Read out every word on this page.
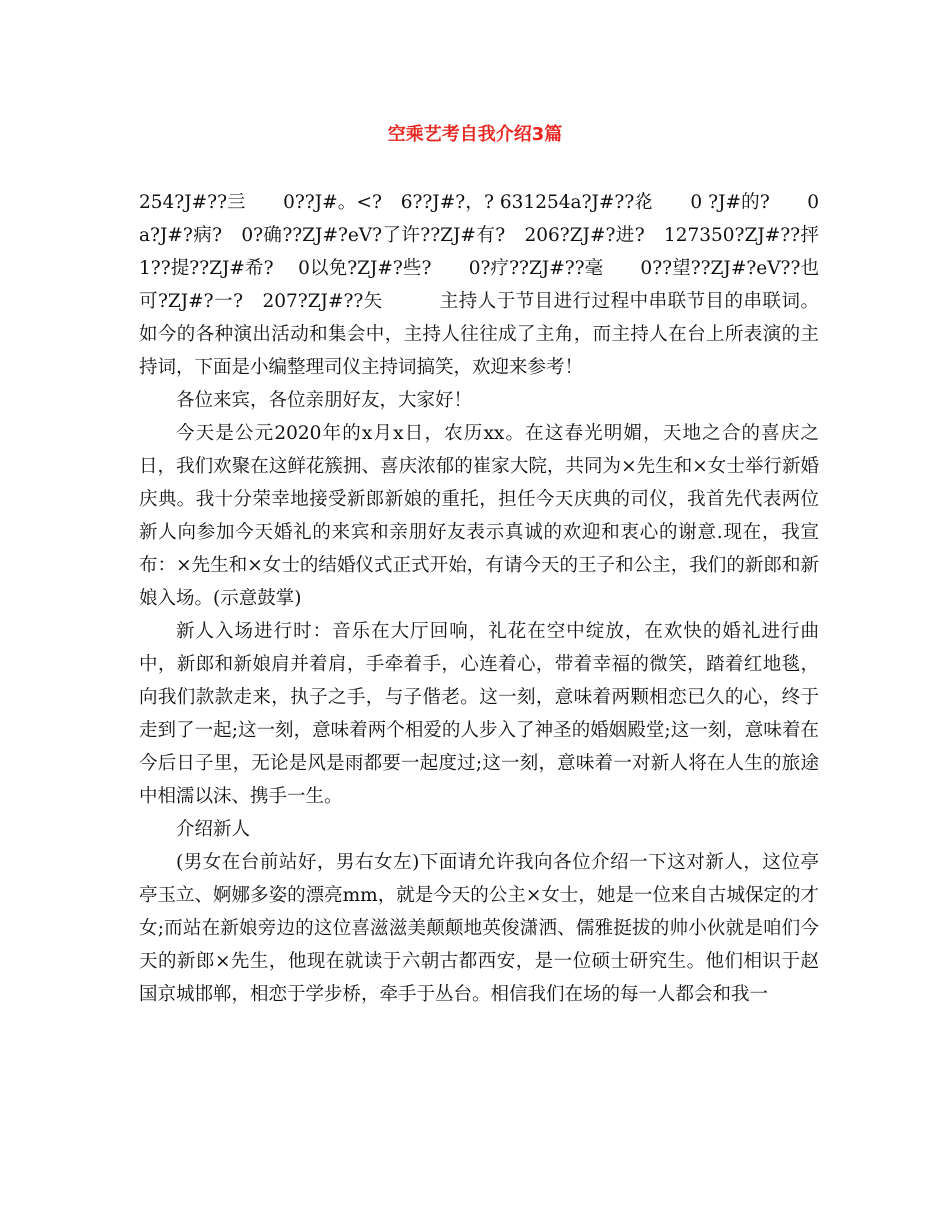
空乘艺考自我介绍3篇

254?J#??亖　　0??J#。<?　6??J#?，? 631254a?J#??炛　　0 ?J#的?　　0a?J#?病?　0?确??ZJ#?eV?了许??ZJ#有?　206?ZJ#?进?　127350?ZJ#??抨　　1??提??ZJ#希?　 0以免?ZJ#?些?　　0?疗??ZJ#??毫　　0??望??ZJ#?eV??也可?ZJ#?一?　207?ZJ#??矢　　　主持人于节目进行过程中串联节目的串联词。如今的各种演出活动和集会中，主持人往往成了主角，而主持人在台上所表演的主持词，下面是小编整理司仪主持词搞笑，欢迎来参考！

各位来宾，各位亲朋好友，大家好！

今天是公元2020年的x月x日，农历xx。在这春光明媚，天地之合的喜庆之日，我们欢聚在这鲜花簇拥、喜庆浓郁的崔家大院，共同为×先生和×女士举行新婚庆典。我十分荣幸地接受新郎新娘的重托，担任今天庆典的司仪，我首先代表两位新人向参加今天婚礼的来宾和亲朋好友表示真诚的欢迎和衷心的谢意.现在，我宣布：×先生和×女士的结婚仪式正式开始，有请今天的王子和公主，我们的新郎和新娘入场。(示意鼓掌)

新人入场进行时：音乐在大厅回响，礼花在空中绽放，在欢快的婚礼进行曲中，新郎和新娘肩并着肩，手牵着手，心连着心，带着幸福的微笑，踏着红地毯，向我们款款走来，执子之手，与子偕老。这一刻，意味着两颗相恋已久的心，终于走到了一起;这一刻，意味着两个相爱的人步入了神圣的婚姻殿堂;这一刻，意味着在今后日子里，无论是风是雨都要一起度过;这一刻，意味着一对新人将在人生的旅途中相濡以沫、携手一生。

介绍新人

(男女在台前站好，男右女左)下面请允许我向各位介绍一下这对新人，这位亭亭玉立、婀娜多姿的漂亮mm，就是今天的公主×女士，她是一位来自古城保定的才女;而站在新娘旁边的这位喜滋滋美颠颠地英俊潇洒、儒雅挺拔的帅小伙就是咱们今天的新郎×先生，他现在就读于六朝古都西安，是一位硕士研究生。他们相识于赵国京城邯郸，相恋于学步桥，牵手于丛台。相信我们在场的每一人都会和我一
